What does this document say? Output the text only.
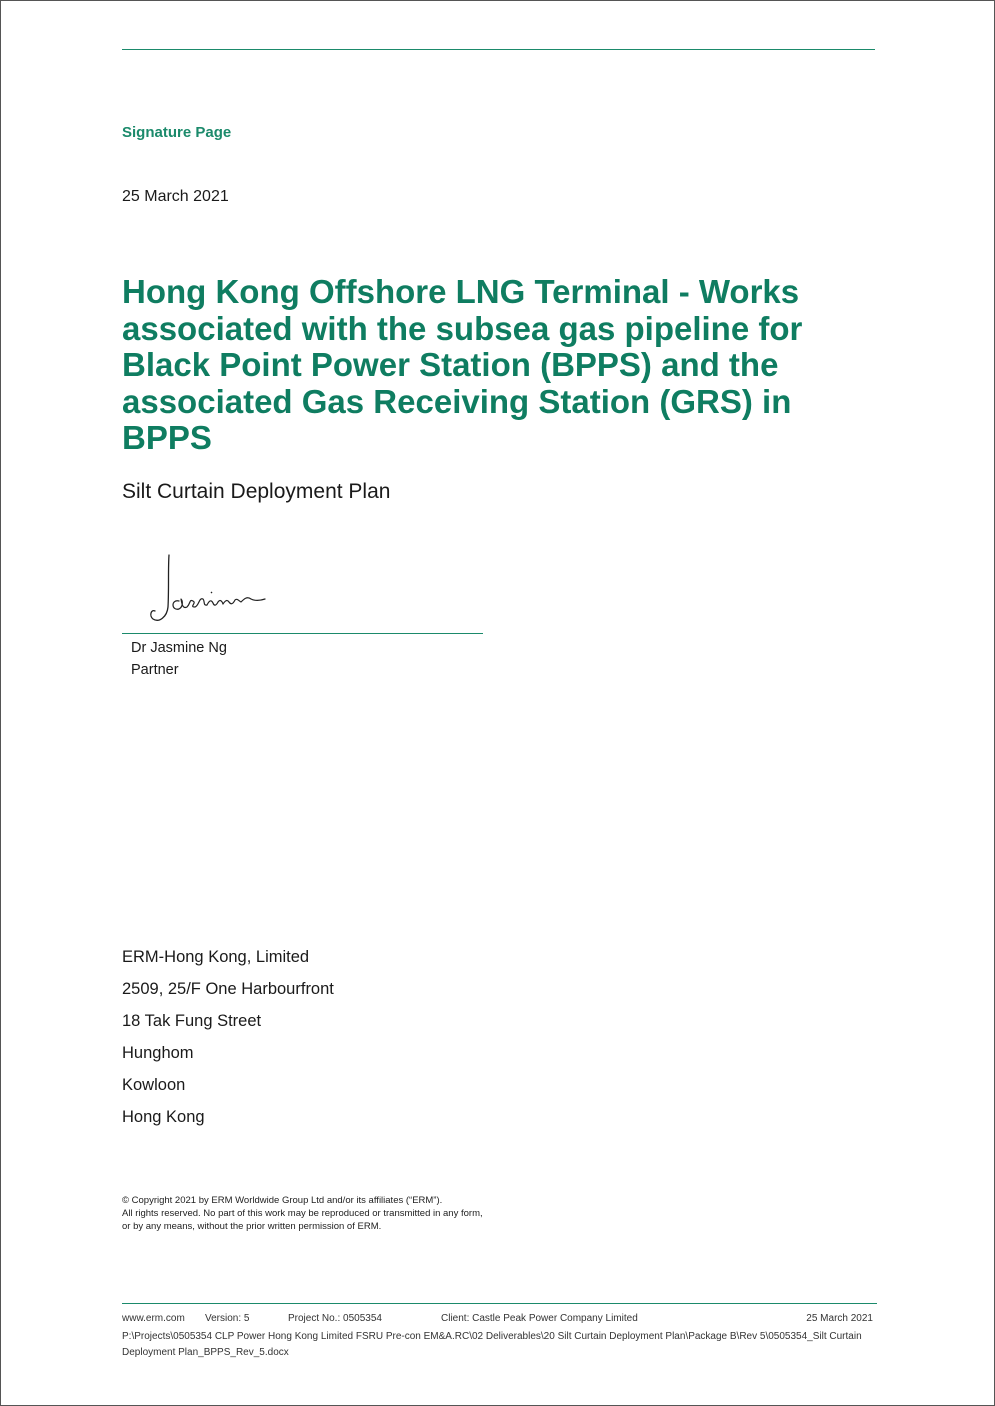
Signature Page
25 March 2021
Hong Kong Offshore LNG Terminal - Works associated with the subsea gas pipeline for Black Point Power Station (BPPS) and the associated Gas Receiving Station (GRS) in BPPS
Silt Curtain Deployment Plan
Dr Jasmine Ng
Partner
ERM-Hong Kong, Limited
2509, 25/F One Harbourfront
18 Tak Fung Street
Hunghom
Kowloon
Hong Kong
© Copyright 2021 by ERM Worldwide Group Ltd and/or its affiliates (“ERM”).
All rights reserved. No part of this work may be reproduced or transmitted in any form,
or by any means, without the prior written permission of ERM.
www.erm.com Version: 5	Project No.: 0505354	Client: Castle Peak Power Company Limited	25 March 2021
P:\Projects\0505354 CLP Power Hong Kong Limited FSRU Pre-con EM&A.RC\02 Deliverables\20 Silt Curtain Deployment Plan\Package B\Rev 5\0505354_Silt Curtain Deployment Plan_BPPS_Rev_5.docx
